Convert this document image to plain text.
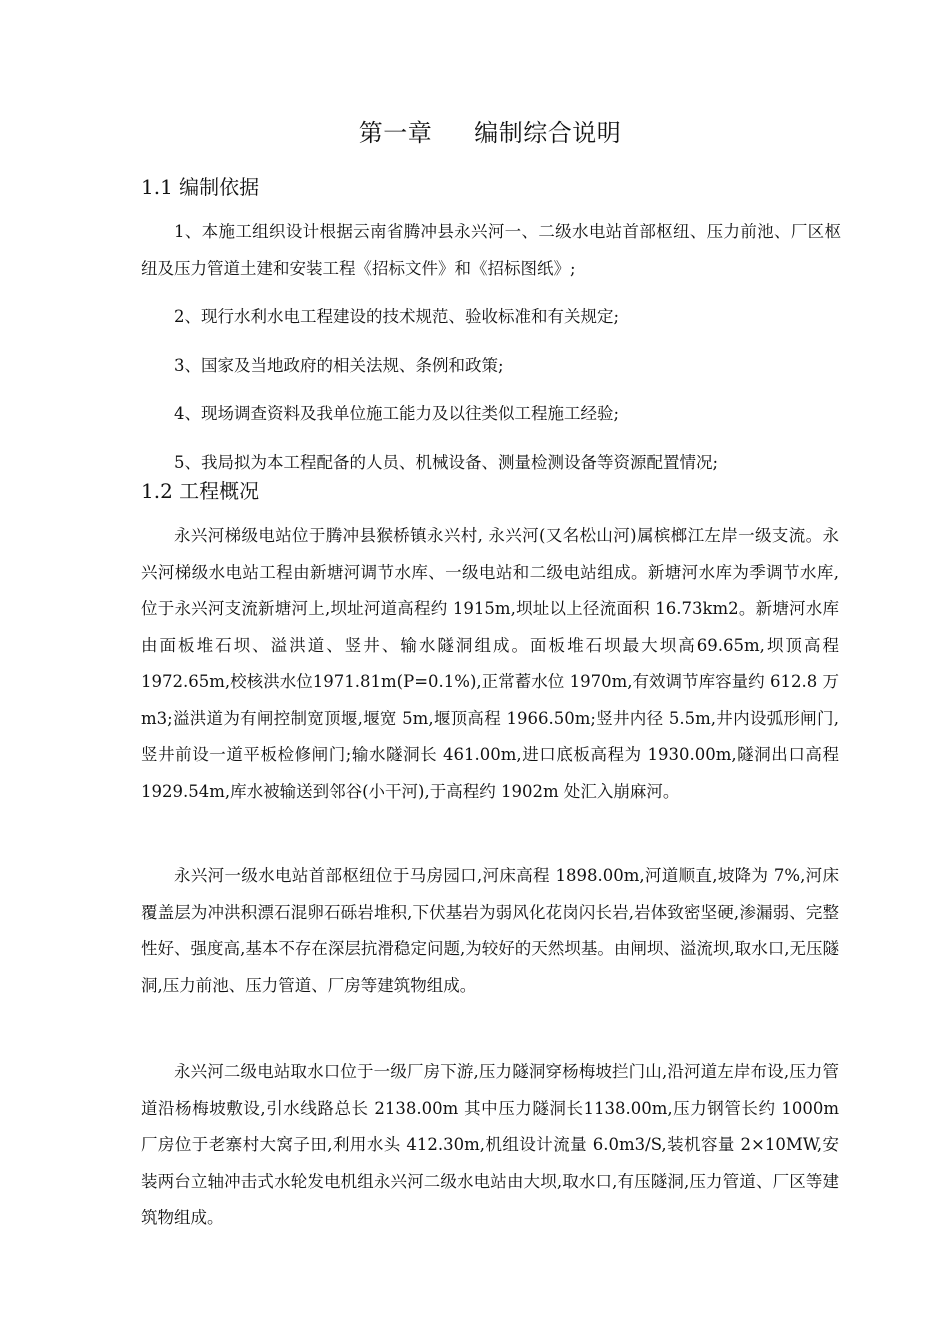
第一章 编制综合说明
1.1 编制依据

1、本施工组织设计根据云南省腾冲县永兴河一、二级水电站首部枢纽、压力前池、厂区枢纽及压力管道土建和安装工程《招标文件》和《招标图纸》;

2、现行水利水电工程建设的技术规范、验收标准和有关规定;

3、国家及当地政府的相关法规、条例和政策;

4、现场调查资料及我单位施工能力及以往类似工程施工经验;

5、我局拟为本工程配备的人员、机械设备、测量检测设备等资源配置情况;

1.2 工程概况

永兴河梯级电站位于腾冲县猴桥镇永兴村, 永兴河(又名松山河)属槟榔江左岸一级支流。永兴河梯级水电站工程由新塘河调节水库、一级电站和二级电站组成。新塘河水库为季调节水库,位于永兴河支流新塘河上,坝址河道高程约 1915m,坝址以上径流面积 16.73km2。新塘河水库由面板堆石坝、溢洪道、竖井、输水隧洞组成。面板堆石坝最大坝高69.65m,坝顶高程1972.65m,校核洪水位1971.81m(P=0.1%),正常蓄水位 1970m,有效调节库容量约 612.8 万 m3;溢洪道为有闸控制宽顶堰,堰宽 5m,堰顶高程 1966.50m;竖井内径 5.5m,井内设弧形闸门,竖井前设一道平板检修闸门;输水隧洞长 461.00m,进口底板高程为 1930.00m,隧洞出口高程 1929.54m,库水被输送到邻谷(小干河),于高程约 1902m 处汇入崩麻河。

永兴河一级水电站首部枢纽位于马房园口,河床高程 1898.00m,河道顺直,坡降为 7%,河床覆盖层为冲洪积漂石混卵石砾岩堆积,下伏基岩为弱风化花岗闪长岩,岩体致密坚硬,渗漏弱、完整性好、强度高,基本不存在深层抗滑稳定问题,为较好的天然坝基。由闸坝、溢流坝,取水口,无压隧洞,压力前池、压力管道、厂房等建筑物组成。

永兴河二级电站取水口位于一级厂房下游,压力隧洞穿杨梅坡拦门山,沿河道左岸布设,压力管道沿杨梅坡敷设,引水线路总长 2138.00m 其中压力隧洞长1138.00m,压力钢管长约 1000m 厂房位于老寨村大窝子田,利用水头 412.30m,机组设计流量 6.0m3/S,装机容量 2×10MW,安装两台立轴冲击式水轮发电机组永兴河二级水电站由大坝,取水口,有压隧洞,压力管道、厂区等建筑物组成。
